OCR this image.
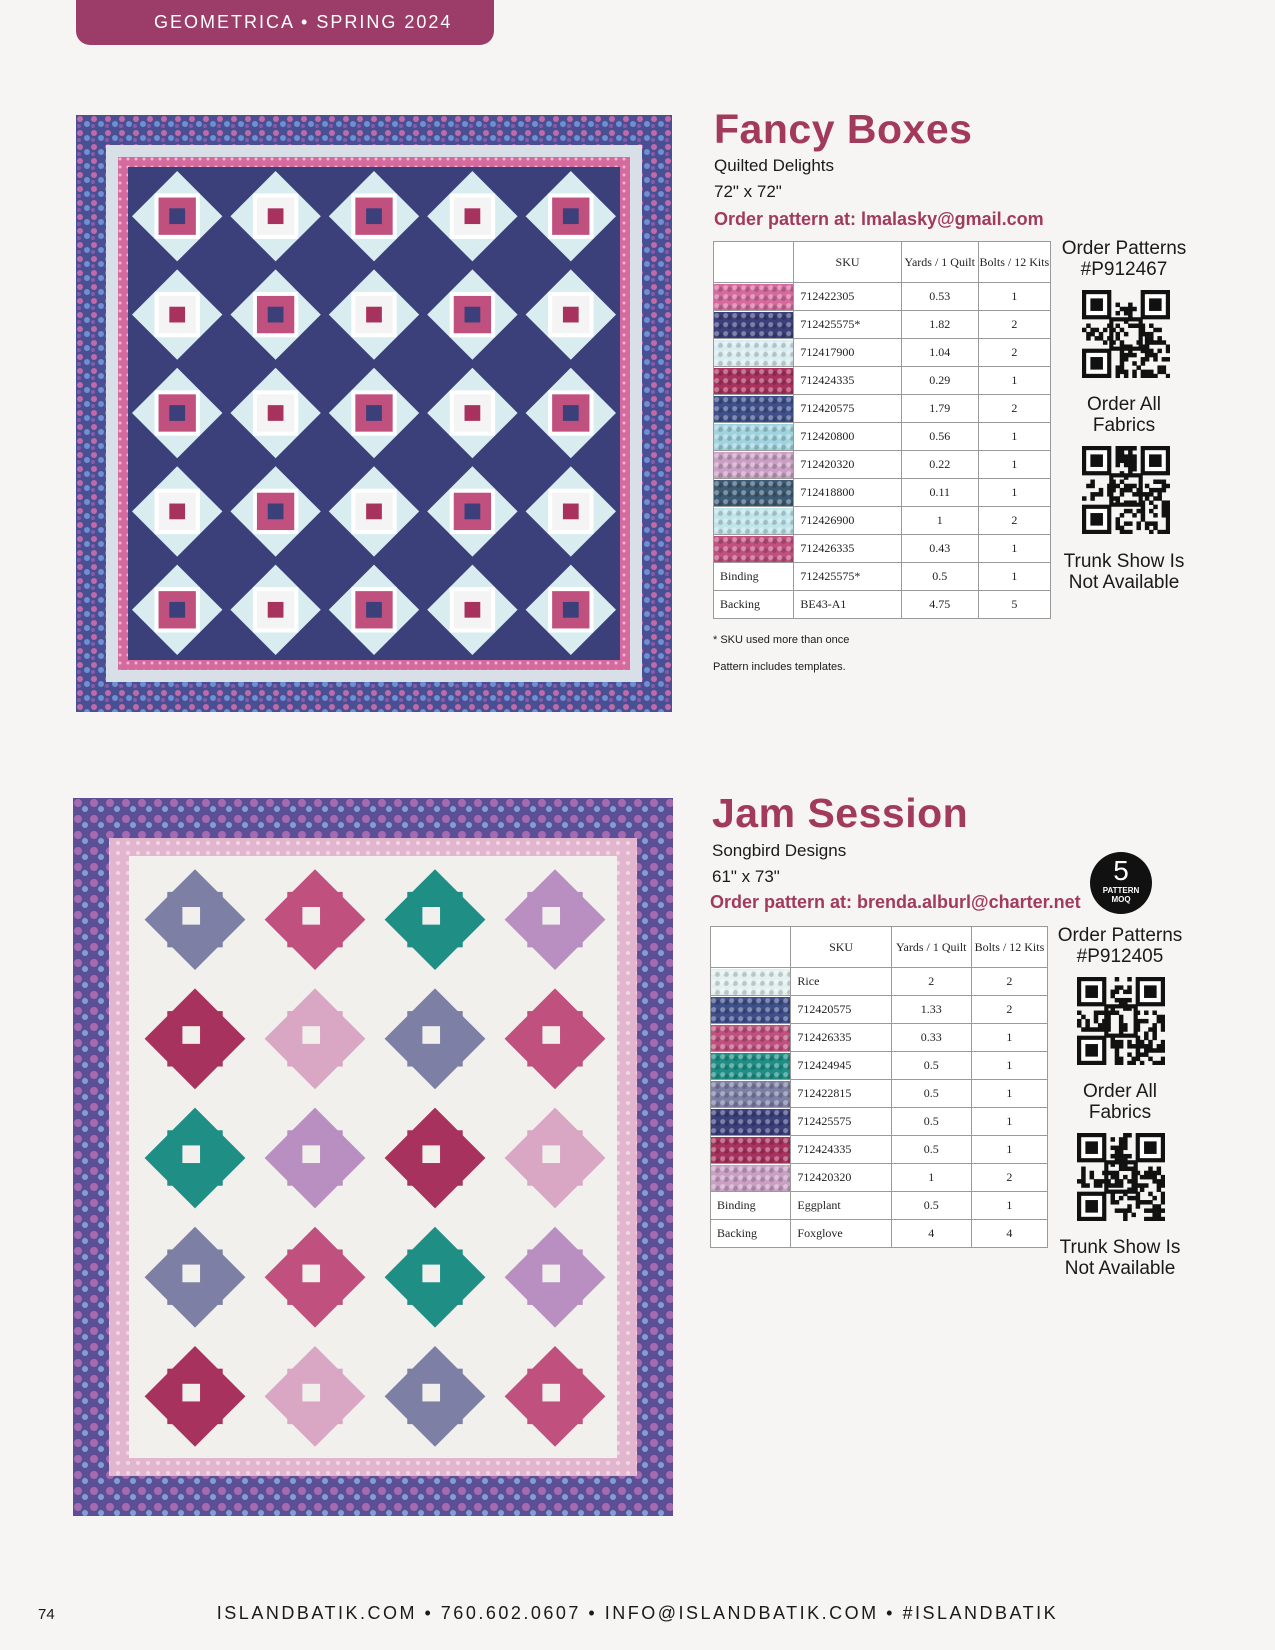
GEOMETRICA • SPRING 2024
Fancy Boxes
Quilted Delights
72" x 72"
Order pattern at: lmalasky@gmail.com
	SKU	Yards / 1 Quilt	Bolts / 12 Kits

	712422305	0.53	1

	712425575*	1.82	2

	712417900	1.04	2

	712424335	0.29	1

	712420575	1.79	2

	712420800	0.56	1

	712420320	0.22	1

	712418800	0.11	1

	712426900	1	2

	712426335	0.43	1
Binding	712425575*	0.5	1
Backing	BE43-A1	4.75	5
* SKU used more than once
Pattern includes templates.
Order Patterns #P912467
Order All Fabrics
Trunk Show Is Not Available
Jam Session
Songbird Designs
61" x 73"
Order pattern at: brenda.alburl@charter.net
5
PATTERN MOQ
	SKU	Yards / 1 Quilt	Bolts / 12 Kits

	Rice	2	2

	712420575	1.33	2

	712426335	0.33	1

	712424945	0.5	1

	712422815	0.5	1

	712425575	0.5	1

	712424335	0.5	1

	712420320	1	2
Binding	Eggplant	0.5	1
Backing	Foxglove	4	4
Order Patterns #P912405
Order All Fabrics
Trunk Show Is Not Available
74	ISLANDBATIK.COM • 760.602.0607 • INFO@ISLANDBATIK.COM • #ISLANDBATIK
